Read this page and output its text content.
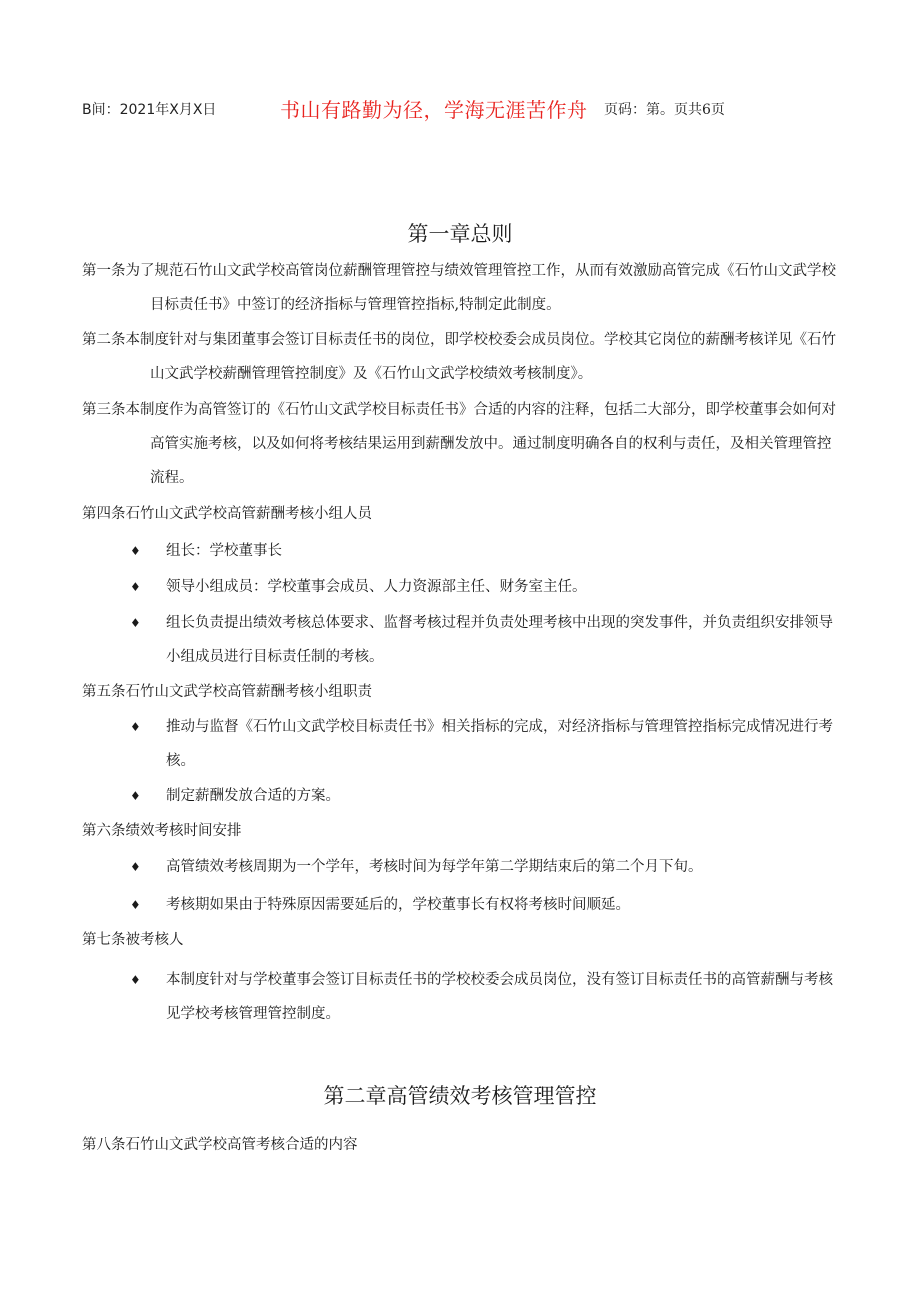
B间：2021年X月X日	书山有路勤为径，学海无涯苦作舟 页码：第。页共6页
第一章总则

第一条为了规范石竹山文武学校高管岗位薪酬管理管控与绩效管理管控工作，从而有效激励高管完成《石竹山文武学校目标责任书》中签订的经济指标与管理管控指标,特制定此制度。

第二条本制度针对与集团董事会签订目标责任书的岗位，即学校校委会成员岗位。学校其它岗位的薪酬考核详见《石竹山文武学校薪酬管理管控制度》及《石竹山文武学校绩效考核制度》。

第三条本制度作为高管签订的《石竹山文武学校目标责任书》合适的内容的注释，包括二大部分，即学校董事会如何对高管实施考核，以及如何将考核结果运用到薪酬发放中。通过制度明确各自的权利与责任，及相关管理管控流程。

第四条石竹山文武学校高管薪酬考核小组人员

♦ 组长：学校董事长
♦ 领导小组成员：学校董事会成员、人力资源部主任、财务室主任。
♦ 组长负责提出绩效考核总体要求、监督考核过程并负责处理考核中出现的突发事件，并负责组织安排领导小组成员进行目标责任制的考核。

第五条石竹山文武学校高管薪酬考核小组职责

♦ 推动与监督《石竹山文武学校目标责任书》相关指标的完成，对经济指标与管理管控指标完成情况进行考核。
♦ 制定薪酬发放合适的方案。

第六条绩效考核时间安排

♦ 高管绩效考核周期为一个学年，考核时间为每学年第二学期结束后的第二个月下旬。
♦ 考核期如果由于特殊原因需要延后的，学校董事长有权将考核时间顺延。

第七条被考核人

♦ 本制度针对与学校董事会签订目标责任书的学校校委会成员岗位，没有签订目标责任书的高管薪酬与考核见学校考核管理管控制度。
第二章高管绩效考核管理管控

第八条石竹山文武学校高管考核合适的内容
